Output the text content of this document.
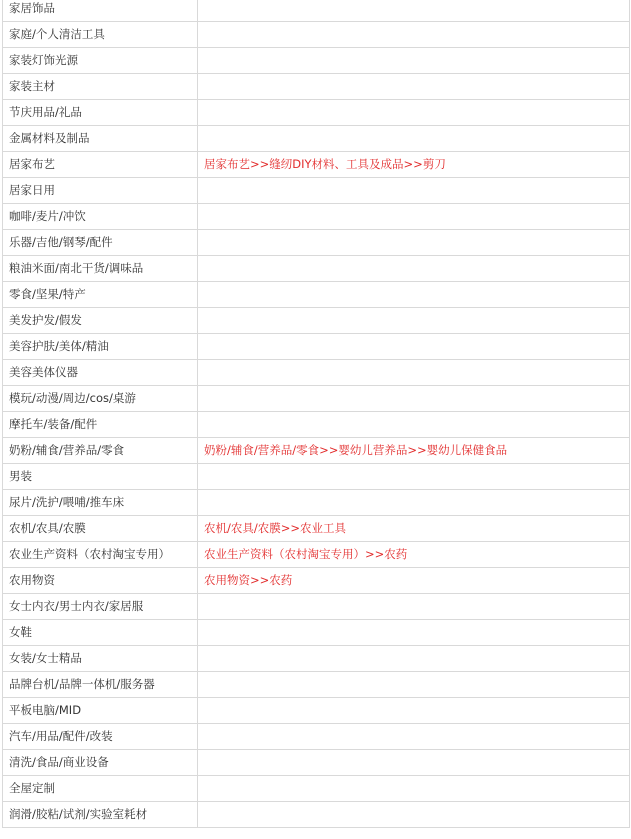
家居饰品	
家庭/个人清洁工具	
家装灯饰光源	
家装主材	
节庆用品/礼品	
金属材料及制品	
居家布艺	居家布艺>>缝纫DIY材料、工具及成品>>剪刀
居家日用	
咖啡/麦片/冲饮	
乐器/吉他/钢琴/配件	
粮油米面/南北干货/调味品	
零食/坚果/特产	
美发护发/假发	
美容护肤/美体/精油	
美容美体仪器	
模玩/动漫/周边/cos/桌游	
摩托车/装备/配件	
奶粉/辅食/营养品/零食	奶粉/辅食/营养品/零食>>婴幼儿营养品>>婴幼儿保健食品
男装	
尿片/洗护/喂哺/推车床	
农机/农具/农膜	农机/农具/农膜>>农业工具
农业生产资料（农村淘宝专用）	农业生产资料（农村淘宝专用）>>农药
农用物资	农用物资>>农药
女士内衣/男士内衣/家居服	
女鞋	
女装/女士精品	
品牌台机/品牌一体机/服务器	
平板电脑/MID	
汽车/用品/配件/改装	
清洗/食品/商业设备	
全屋定制	
润滑/胶粘/试剂/实验室耗材	
